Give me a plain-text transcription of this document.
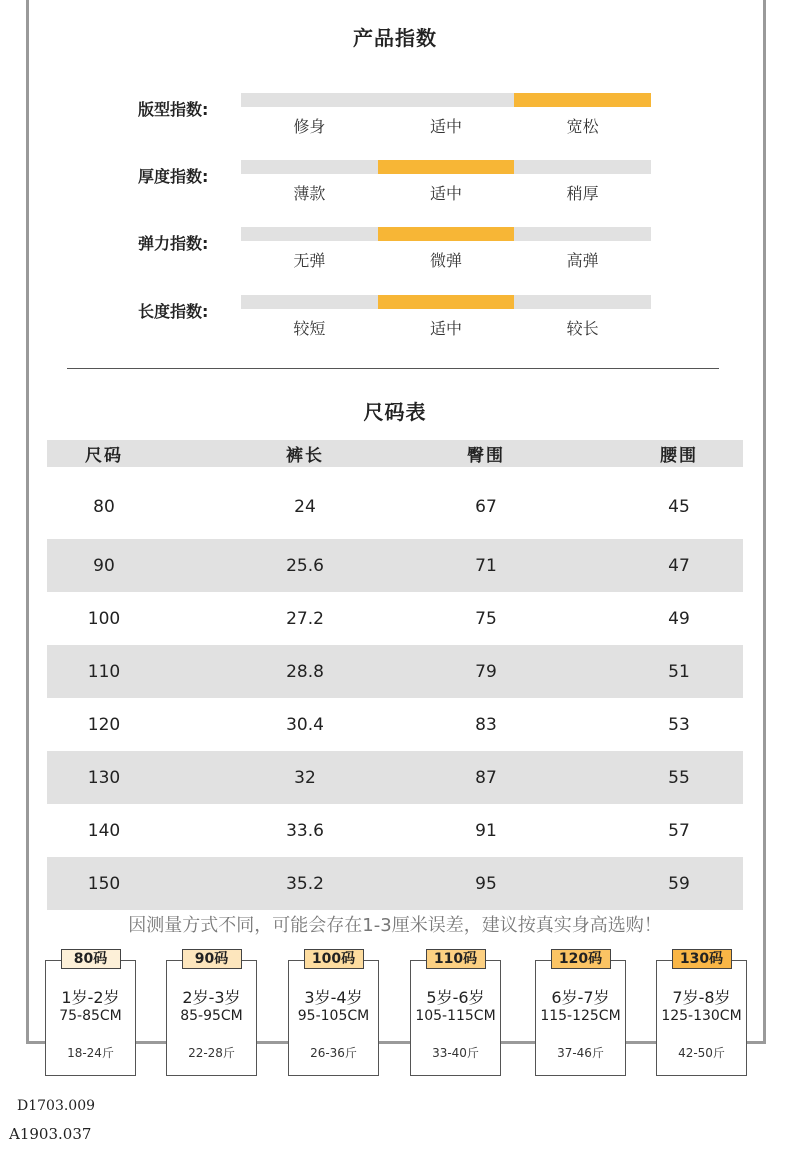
产品指数
版型指数:
修身	适中	宽松
厚度指数:
薄款	适中	稍厚
弹力指数:
无弹	微弹	高弹
长度指数:
较短	适中	较长
尺码表
尺码	裤长	臀围	腰围
80	24	67	45
90	25.6	71	47
100	27.2	75	49
110	28.8	79	51
120	30.4	83	53
130	32	87	55
140	33.6	91	57
150	35.2	95	59
因测量方式不同，可能会存在1-3厘米误差，建议按真实身高选购！
80码
1岁-2岁
75-85CM
18-24斤
90码
2岁-3岁
85-95CM
22-28斤
100码
3岁-4岁
95-105CM
26-36斤
110码
5岁-6岁
105-115CM
33-40斤
120码
6岁-7岁
115-125CM
37-46斤
130码
7岁-8岁
125-130CM
42-50斤
D1703.009
A1903.037
